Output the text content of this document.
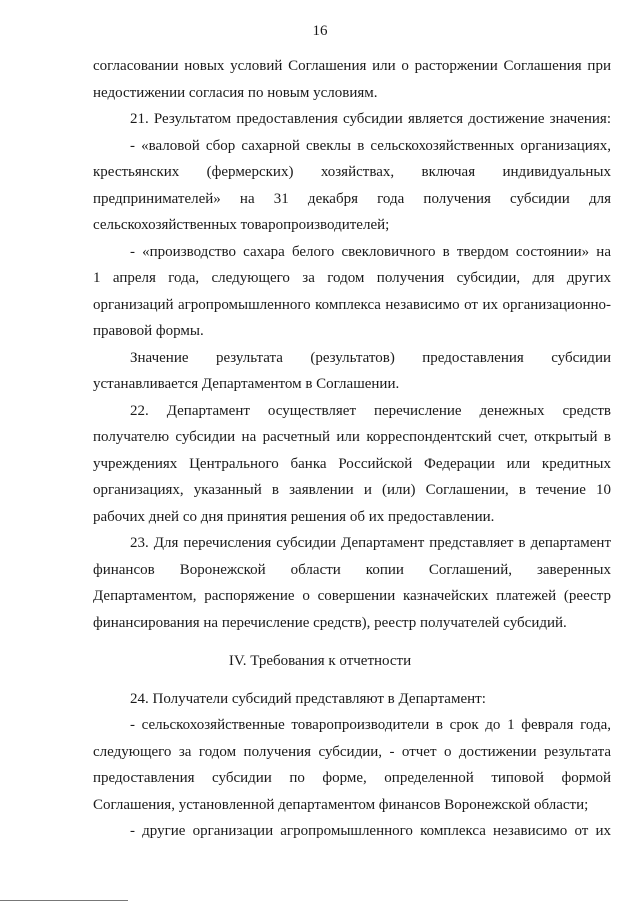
16
согласовании новых условий Соглашения или о расторжении Соглашения при
недостижении согласия по новым условиям.
21. Результатом предоставления субсидии является достижение значения:
- «валовой сбор сахарной свеклы в сельскохозяйственных организациях,
крестьянских (фермерских) хозяйствах, включая индивидуальных
предпринимателей» на 31 декабря года получения субсидии для
сельскохозяйственных товаропроизводителей;
- «производство сахара белого свекловичного в твердом состоянии» на
1 апреля года, следующего за годом получения субсидии, для других
организаций агропромышленного комплекса независимо от их организационно-
правовой формы.
Значение результата (результатов) предоставления субсидии
устанавливается Департаментом в Соглашении.
22. Департамент осуществляет перечисление денежных средств
получателю субсидии на расчетный или корреспондентский счет, открытый в
учреждениях Центрального банка Российской Федерации или кредитных
организациях, указанный в заявлении и (или) Соглашении, в течение 10
рабочих дней со дня принятия решения об их предоставлении.
23. Для перечисления субсидии Департамент представляет в департамент
финансов Воронежской области копии Соглашений, заверенных
Департаментом, распоряжение о совершении казначейских платежей (реестр
финансирования на перечисление средств), реестр получателей субсидий.
IV. Требования к отчетности
24. Получатели субсидий представляют в Департамент:
- сельскохозяйственные товаропроизводители в срок до 1 февраля года,
следующего за годом получения субсидии, - отчет о достижении результата
предоставления субсидии по форме, определенной типовой формой
Соглашения, установленной департаментом финансов Воронежской области;
- другие организации агропромышленного комплекса независимо от их
